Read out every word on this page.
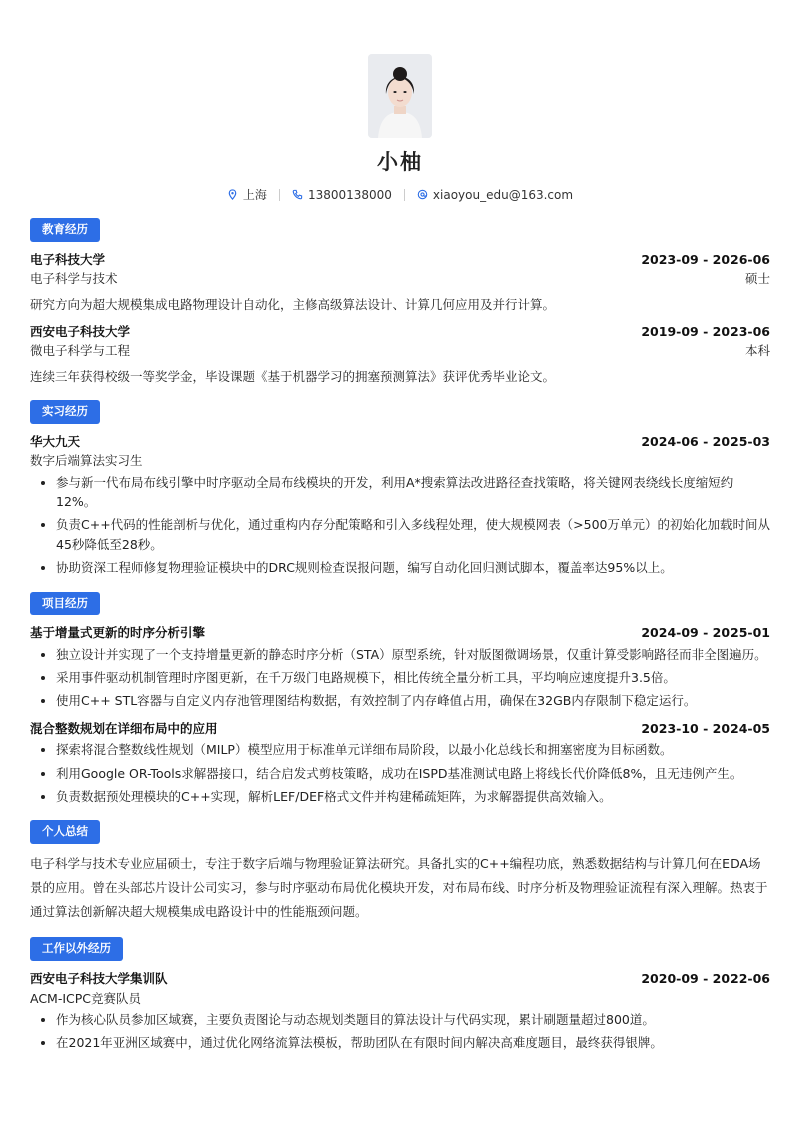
小柚
上海	13800138000	xiaoyou_edu@163.com
教育经历
电子科技大学	2023-09 - 2026-06
电子科学与技术	硕士
研究方向为超大规模集成电路物理设计自动化，主修高级算法设计、计算几何应用及并行计算。
西安电子科技大学	2019-09 - 2023-06
微电子科学与工程	本科
连续三年获得校级一等奖学金，毕设课题《基于机器学习的拥塞预测算法》获评优秀毕业论文。
实习经历
华大九天	2024-06 - 2025-03
数字后端算法实习生
• 参与新一代布局布线引擎中时序驱动全局布线模块的开发，利用A*搜索算法改进路径查找策略，将关键网表绕线长度缩短约12%。
• 负责C++代码的性能剖析与优化，通过重构内存分配策略和引入多线程处理，使大规模网表（>500万单元）的初始化加载时间从45秒降低至28秒。
• 协助资深工程师修复物理验证模块中的DRC规则检查误报问题，编写自动化回归测试脚本，覆盖率达95%以上。
项目经历
基于增量式更新的时序分析引擎	2024-09 - 2025-01
• 独立设计并实现了一个支持增量更新的静态时序分析（STA）原型系统，针对版图微调场景，仅重计算受影响路径而非全图遍历。
• 采用事件驱动机制管理时序图更新，在千万级门电路规模下，相比传统全量分析工具，平均响应速度提升3.5倍。
• 使用C++ STL容器与自定义内存池管理图结构数据，有效控制了内存峰值占用，确保在32GB内存限制下稳定运行。
混合整数规划在详细布局中的应用	2023-10 - 2024-05
• 探索将混合整数线性规划（MILP）模型应用于标准单元详细布局阶段，以最小化总线长和拥塞密度为目标函数。
• 利用Google OR-Tools求解器接口，结合启发式剪枝策略，成功在ISPD基准测试电路上将线长代价降低8%，且无违例产生。
• 负责数据预处理模块的C++实现，解析LEF/DEF格式文件并构建稀疏矩阵，为求解器提供高效输入。
个人总结
电子科学与技术专业应届硕士，专注于数字后端与物理验证算法研究。具备扎实的C++编程功底，熟悉数据结构与计算几何在EDA场景的应用。曾在头部芯片设计公司实习，参与时序驱动布局优化模块开发，对布局布线、时序分析及物理验证流程有深入理解。热衷于通过算法创新解决超大规模集成电路设计中的性能瓶颈问题。
工作以外经历
西安电子科技大学集训队	2020-09 - 2022-06
ACM-ICPC竞赛队员
• 作为核心队员参加区域赛，主要负责图论与动态规划类题目的算法设计与代码实现，累计刷题量超过800道。
• 在2021年亚洲区域赛中，通过优化网络流算法模板，帮助团队在有限时间内解决高难度题目，最终获得银牌。
